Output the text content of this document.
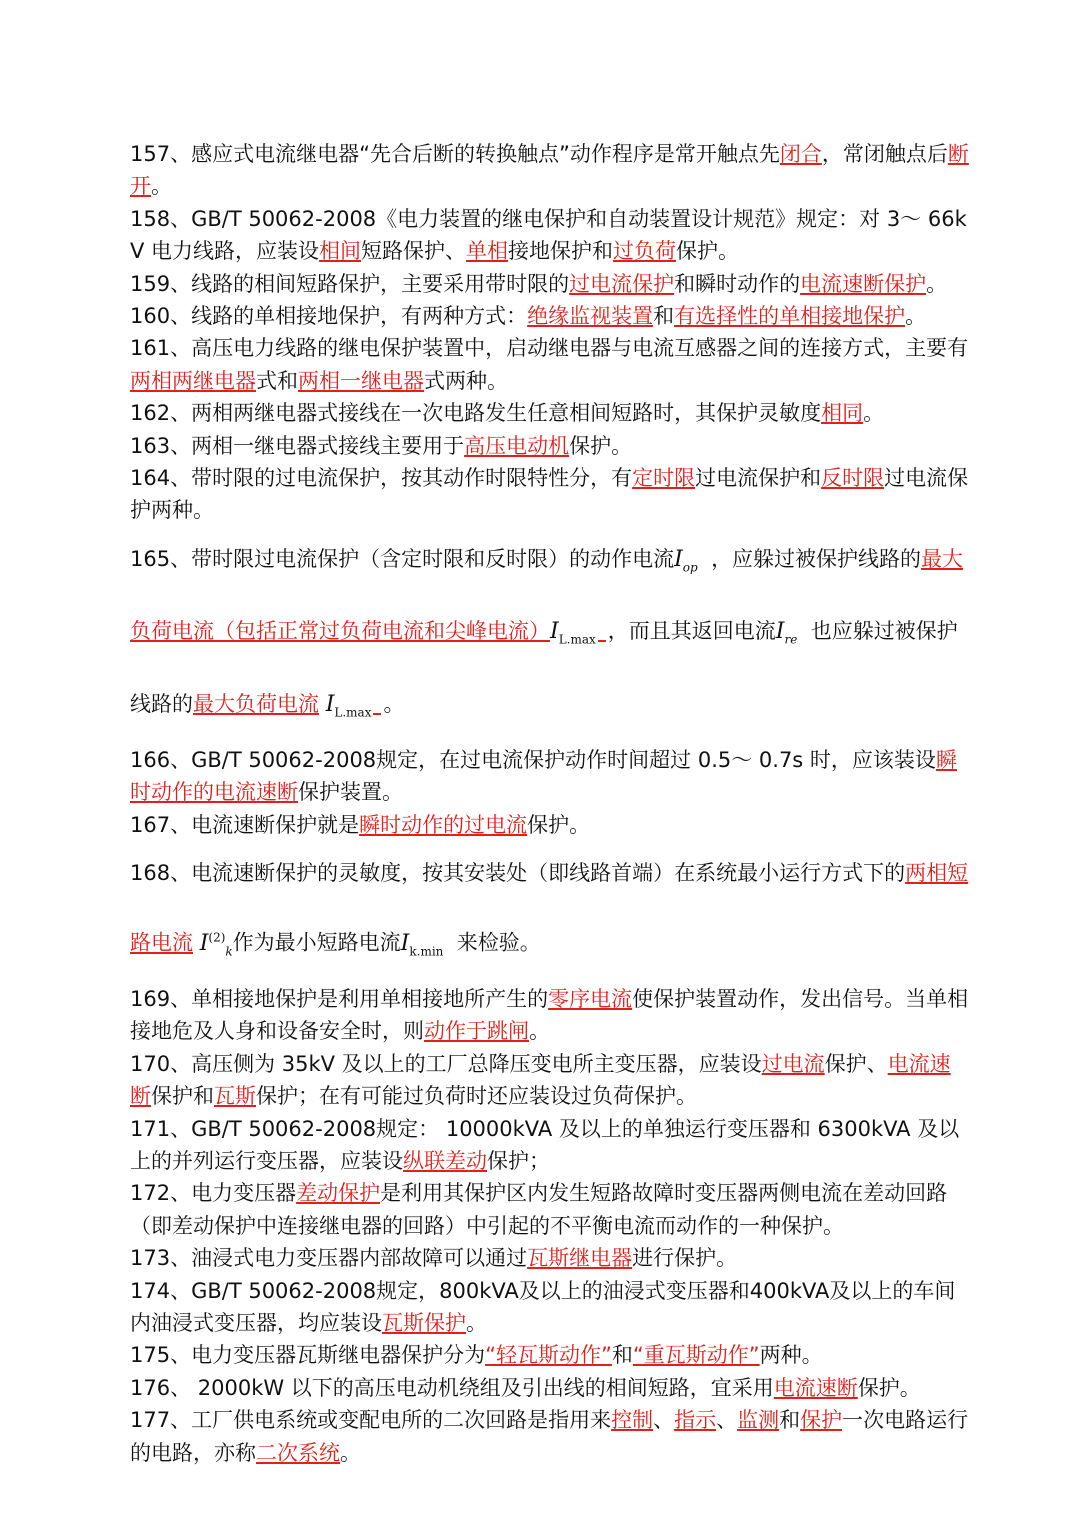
157、感应式电流继电器“先合后断的转换触点”动作程序是常开触点先闭合，常闭触点后断开。
158、GB/T 50062-2008《电力装置的继电保护和自动装置设计规范》规定：对 3～ 66kV 电力线路，应装设相间短路保护、单相接地保护和过负荷保护。
159、线路的相间短路保护，主要采用带时限的过电流保护和瞬时动作的电流速断保护。
160、线路的单相接地保护，有两种方式：绝缘监视装置和有选择性的单相接地保护。
161、高压电力线路的继电保护装置中，启动继电器与电流互感器之间的连接方式，主要有两相两继电器式和两相一继电器式两种。
162、两相两继电器式接线在一次电路发生任意相间短路时，其保护灵敏度相同。
163、两相一继电器式接线主要用于高压电动机保护。
164、带时限的过电流保护，按其动作时限特性分，有定时限过电流保护和反时限过电流保护两种。
165、带时限过电流保护（含定时限和反时限）的动作电流$I_{op}$ ，应躲过被保护线路的最大负荷电流（包括正常过负荷电流和尖峰电流）$I_{L.max}$ ，而且其返回电流$I_{re}$ 也应躲过被保护线路的最大负荷电流 $I_{L.max}$ 。
166、GB/T 50062-2008规定，在过电流保护动作时间超过 0.5～ 0.7s 时，应该装设瞬时动作的电流速断保护装置。
167、电流速断保护就是瞬时动作的过电流保护。
168、电流速断保护的灵敏度，按其安装处（即线路首端）在系统最小运行方式下的两相短路电流 $I^{(2)}_k$作为最小短路电流$I_{k.min}$ 来检验。
169、单相接地保护是利用单相接地所产生的零序电流使保护装置动作，发出信号。当单相接地危及人身和设备安全时，则动作于跳闸。
170、高压侧为 35kV 及以上的工厂总降压变电所主变压器，应装设过电流保护、电流速断保护和瓦斯保护；在有可能过负荷时还应装设过负荷保护。
171、GB/T 50062-2008规定： 10000kVA 及以上的单独运行变压器和 6300kVA 及以上的并列运行变压器，应装设纵联差动保护；
172、电力变压器差动保护是利用其保护区内发生短路故障时变压器两侧电流在差动回路（即差动保护中连接继电器的回路）中引起的不平衡电流而动作的一种保护。
173、油浸式电力变压器内部故障可以通过瓦斯继电器进行保护。
174、GB/T 50062-2008规定，800kVA及以上的油浸式变压器和400kVA及以上的车间内油浸式变压器，均应装设瓦斯保护。
175、电力变压器瓦斯继电器保护分为“轻瓦斯动作”和“重瓦斯动作”两种。
176、 2000kW 以下的高压电动机绕组及引出线的相间短路，宜采用电流速断保护。
177、工厂供电系统或变配电所的二次回路是指用来控制、指示、监测和保护一次电路运行的电路，亦称二次系统。
